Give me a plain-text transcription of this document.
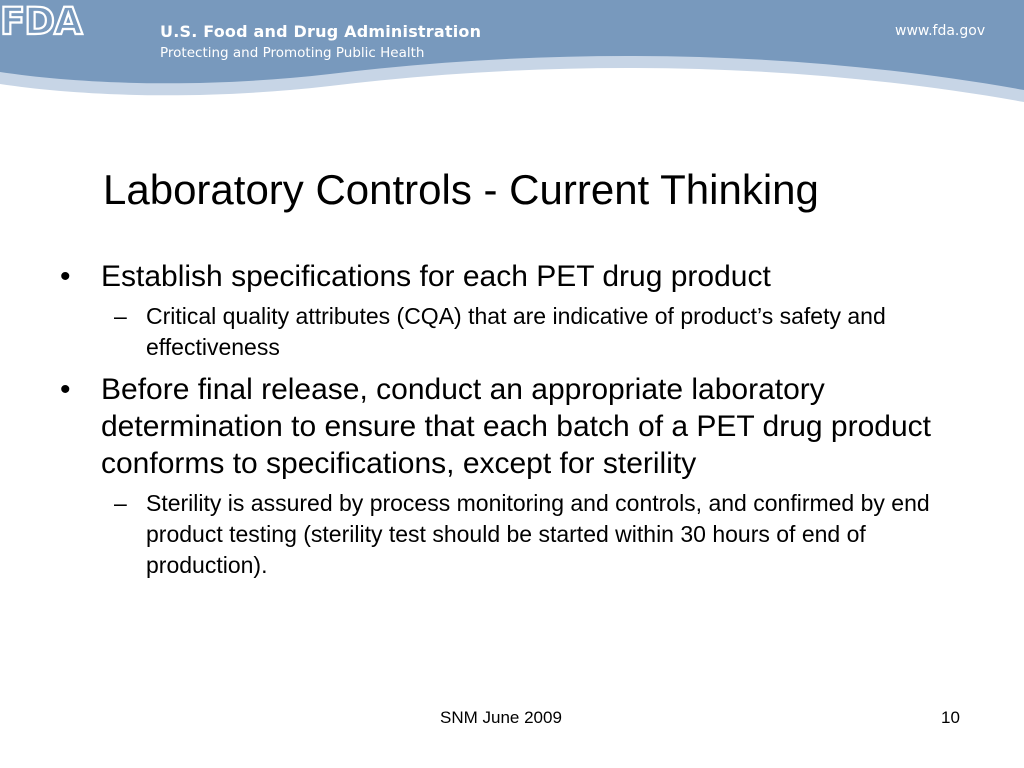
FDA	U.S. Food and Drug Administration
Protecting and Promoting Public Health
www.fda.gov
Laboratory Controls - Current Thinking
• Establish specifications for each PET drug product
– Critical quality attributes (CQA) that are indicative of product’s safety and effectiveness
• Before final release, conduct an appropriate laboratory determination to ensure that each batch of a PET drug product conforms to specifications, except for sterility
– Sterility is assured by process monitoring and controls, and confirmed by end product testing (sterility test should be started within 30 hours of end of production).
SNM June 2009	10
